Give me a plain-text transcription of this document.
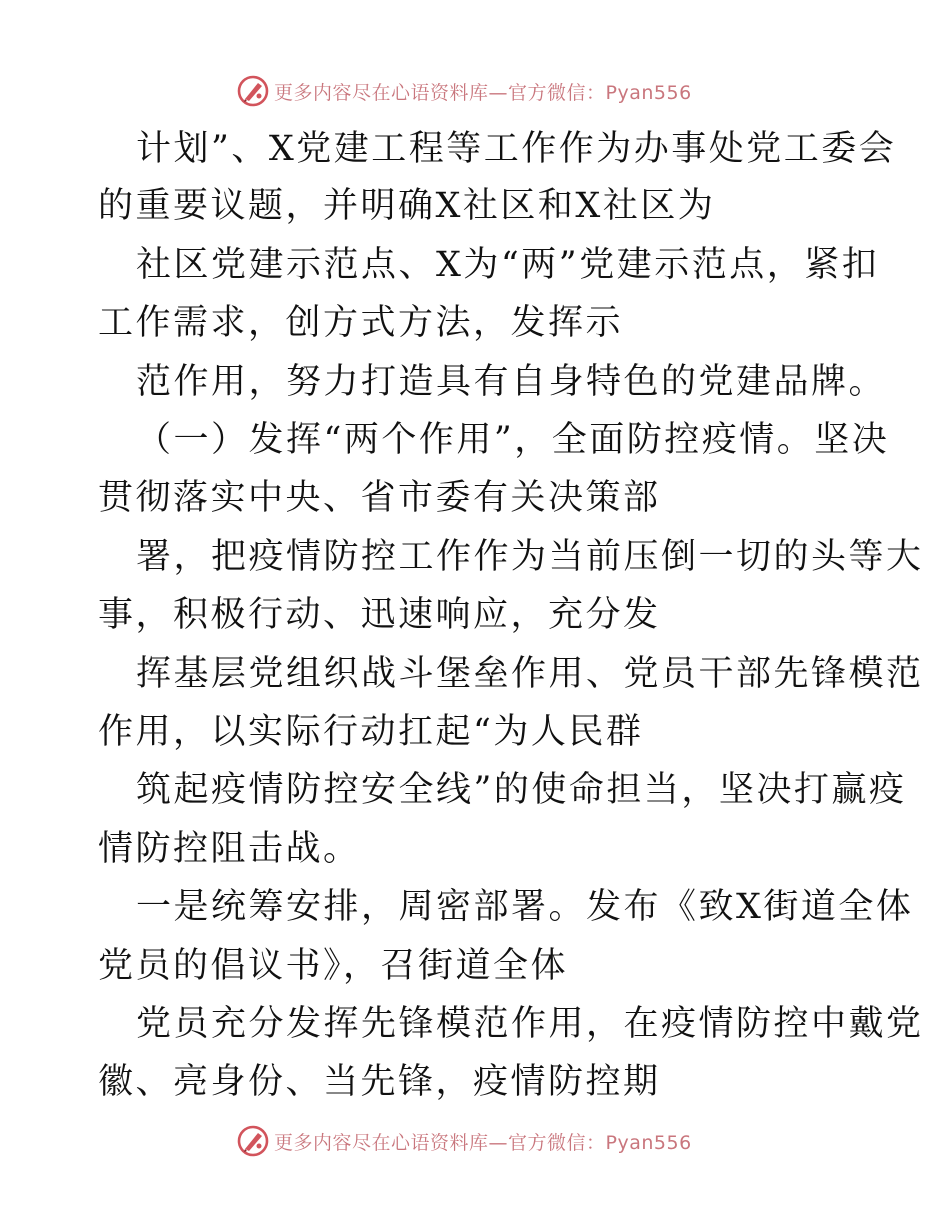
更多内容尽在心语资料库—官方微信：Pyan556
计划”、X党建工程等工作作为办事处党工委会
的重要议题，并明确X社区和X社区为
社区党建示范点、X为“两”党建示范点，紧扣
工作需求，创方式方法，发挥示
范作用，努力打造具有自身特色的党建品牌。
（一）发挥“两个作用”，全面防控疫情。坚决
贯彻落实中央、省市委有关决策部
署，把疫情防控工作作为当前压倒一切的头等大
事，积极行动、迅速响应，充分发
挥基层党组织战斗堡垒作用、党员干部先锋模范
作用，以实际行动扛起“为人民群
筑起疫情防控安全线”的使命担当，坚决打赢疫
情防控阻击战。
一是统筹安排，周密部署。发布《致X街道全体
党员的倡议书》，召街道全体
党员充分发挥先锋模范作用，在疫情防控中戴党
徽、亮身份、当先锋，疫情防控期
更多内容尽在心语资料库—官方微信：Pyan556
